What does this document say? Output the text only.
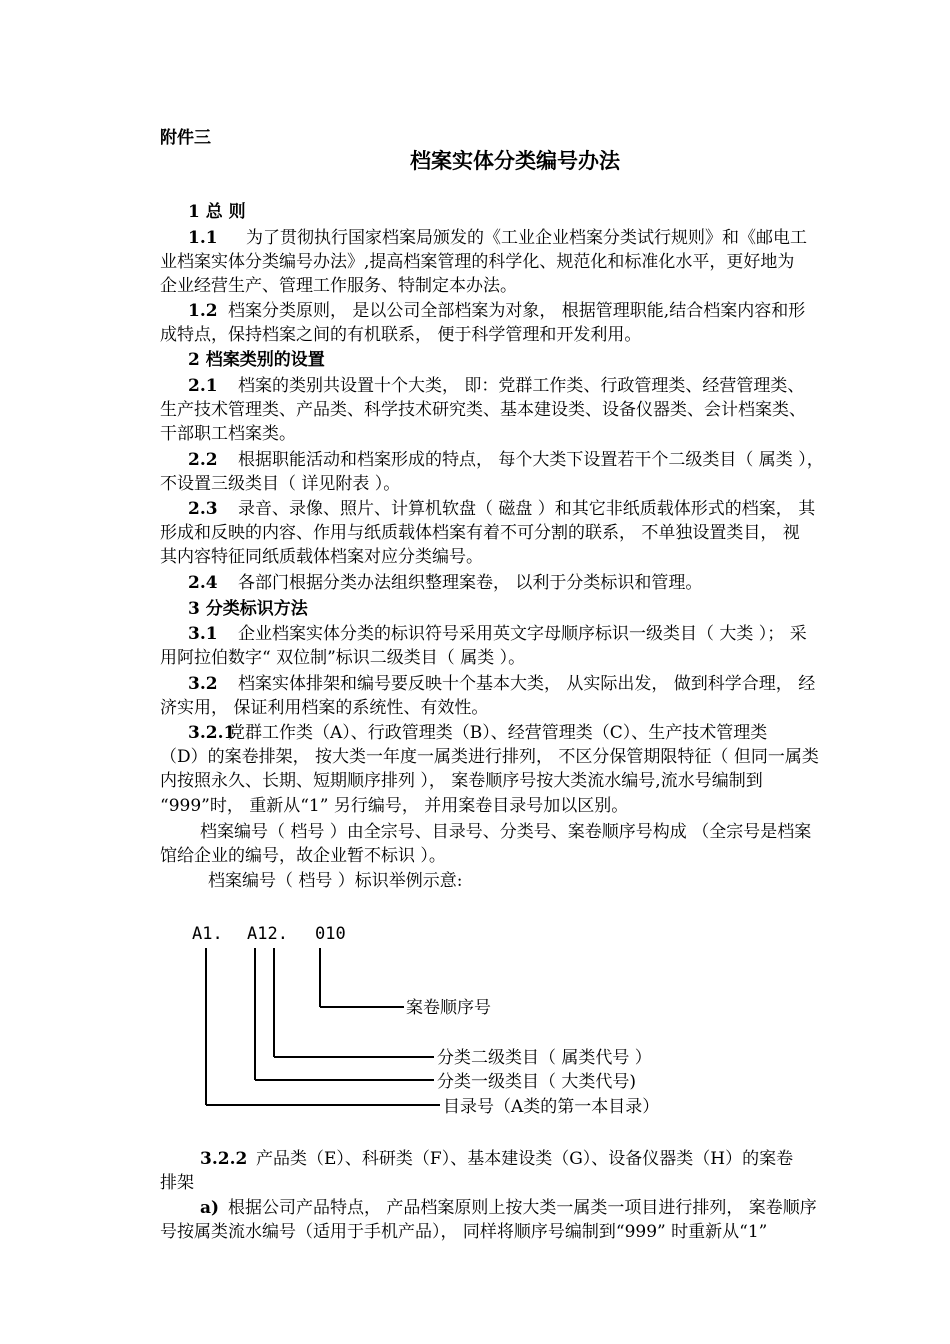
附件三
档案实体分类编号办法
1 总 则
1.1 为了贯彻执行国家档案局颁发的《工业企业档案分类试行规则》和《邮电工
业档案实体分类编号办法》,提高档案管理的科学化、规范化和标准化水平，更好地为
企业经营生产、管理工作服务、特制定本办法。
1.2 档案分类原则， 是以公司全部档案为对象， 根据管理职能,结合档案内容和形
成特点，保持档案之间的有机联系， 便于科学管理和开发利用。
2 档案类别的设置
2.1 档案的类别共设置十个大类， 即：党群工作类、行政管理类、经营管理类、
生产技术管理类、产品类、科学技术研究类、基本建设类、设备仪器类、会计档案类、
干部职工档案类。
2.2 根据职能活动和档案形成的特点， 每个大类下设置若干个二级类目（ 属类 ），
不设置三级类目（ 详见附表 ）。
2.3 录音、录像、照片、计算机软盘（ 磁盘 ）和其它非纸质载体形式的档案， 其
形成和反映的内容、作用与纸质载体档案有着不可分割的联系， 不单独设置类目， 视
其内容特征同纸质载体档案对应分类编号。
2.4 各部门根据分类办法组织整理案卷， 以利于分类标识和管理。
3 分类标识方法
3.1 企业档案实体分类的标识符号采用英文字母顺序标识一级类目（ 大类 ）； 采
用阿拉伯数字“ 双位制”标识二级类目（ 属类 ）。
3.2 档案实体排架和编号要反映十个基本大类， 从实际出发， 做到科学合理， 经
济实用， 保证利用档案的系统性、有效性。
3.2.1
党群工作类（A）、行政管理类（B）、经营管理类（C）、生产技术管理类
（D）的案卷排架， 按大类一年度一属类进行排列， 不区分保管期限特征（ 但同一属类
内按照永久、长期、短期顺序排列 ）， 案卷顺序号按大类流水编号,流水号编制到
“999”时， 重新从“1” 另行编号， 并用案卷目录号加以区别。
档案编号（ 档号 ）由全宗号、目录号、分类号、案卷顺序号构成 （全宗号是档案
馆给企业的编号，故企业暂不标识 ）。
档案编号（ 档号 ）标识举例示意:
A1. A12. 010
案卷顺序号
分类二级类目（ 属类代号 ）
分类一级类目（ 大类代号)
目录号（A类的第一本目录）
3.2.2 产品类（E）、科研类（F）、基本建设类（G）、设备仪器类（H）的案卷
排架
a) 根据公司产品特点， 产品档案原则上按大类一属类一项目进行排列， 案卷顺序
号按属类流水编号（适用于手机产品）， 同样将顺序号编制到“999” 时重新从“1”
